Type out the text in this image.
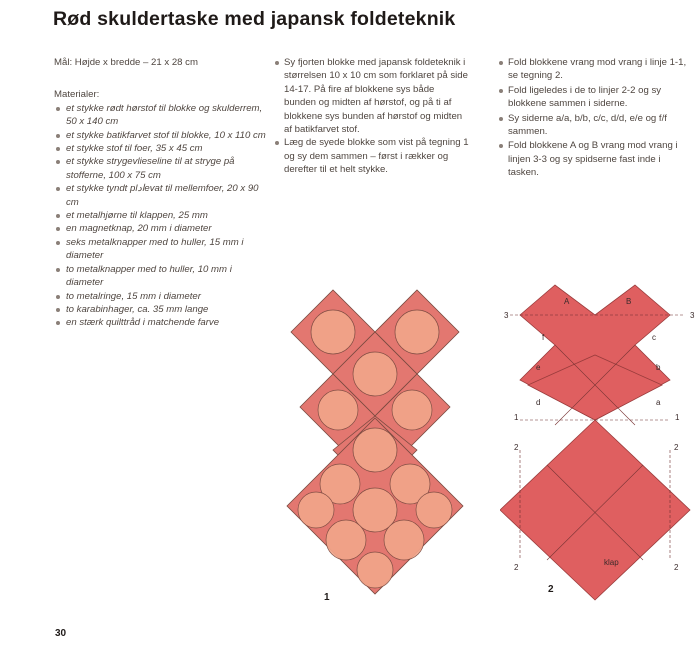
Rød skuldertaske med japansk foldeteknik

Mål: Højde x bredde – 21 x 28 cm

Materialer:

et stykke rødt hørstof til blokke og skulderrem, 50 x 140 cm
et stykke batikfarvet stof til blokke, 10 x 110 cm
et stykke stof til foer, 35 x 45 cm
et stykke strygevlieseline til at stryge på stofferne, 100 x 75 cm
et stykke tyndt plادevat til mellemfoer, 20 x 90 cm
et metalhjørne til klappen, 25 mm
en magnetknap, 20 mm i diameter
seks metalknapper med to huller, 15 mm i diameter
to metalknapper med to huller, 10 mm i diameter
to metalringe, 15 mm i diameter
to karabinhager, ca. 35 mm lange
en stærk quilttråd i matchende farve
Sy fjorten blokke med japansk foldeteknik i størrelsen 10 x 10 cm som forklaret på side 14-17. På fire af blokkene sys både bunden og midten af hørstof, og på ti af blokkene sys bunden af hørstof og midten af batikfarvet stof.
Læg de syede blokke som vist på tegning 1 og sy dem sammen – først i rækker og derefter til et helt stykke.
Fold blokkene vrang mod vrang i linje 1-1, se tegning 2.
Fold ligeledes i de to linjer 2-2 og sy blokkene sammen i siderne.
Sy siderne a/a, b/b, c/c, d/d, e/e og f/f sammen.
Fold blokkene A og B vrang mod vrang i linjen 3-3 og sy spidserne fast inde i tasken.
1
A	B
3	3
1	1
2	2
2	2
f	c
e	b
d	a
klap
2
30
